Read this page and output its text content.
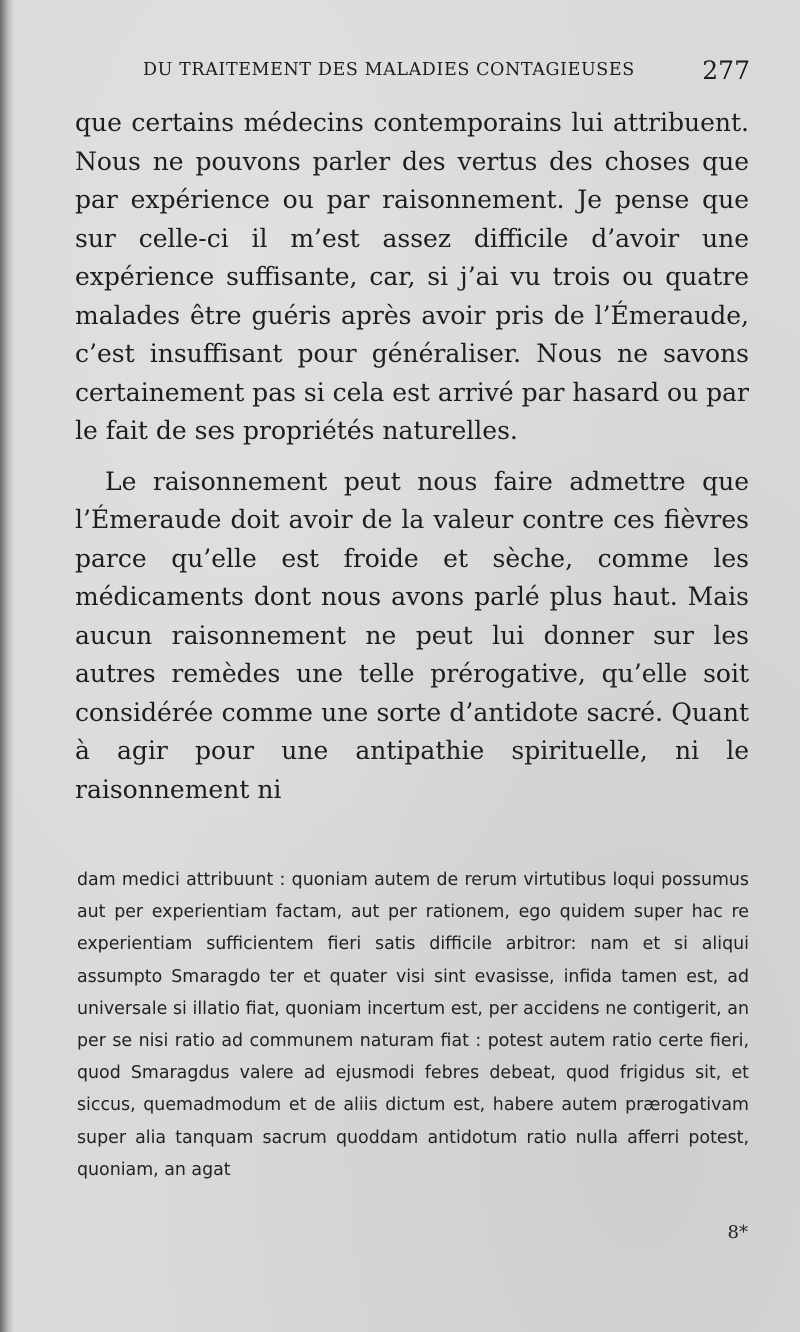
DU TRAITEMENT DES MALADIES CONTAGIEUSES	277

que certains médecins contemporains lui attribuent. Nous ne pouvons parler des vertus des choses que par expérience ou par raisonnement. Je pense que sur celle-ci il m’est assez difficile d’avoir une expérience suffisante, car, si j’ai vu trois ou quatre malades être guéris après avoir pris de l’Émeraude, c’est insuffisant pour généraliser. Nous ne savons certainement pas si cela est arrivé par hasard ou par le fait de ses propriétés naturelles.

Le raisonnement peut nous faire admettre que l’Émeraude doit avoir de la valeur contre ces fièvres parce qu’elle est froide et sèche, comme les médicaments dont nous avons parlé plus haut. Mais aucun raisonnement ne peut lui donner sur les autres remèdes une telle prérogative, qu’elle soit considérée comme une sorte d’antidote sacré. Quant à agir pour une antipathie spirituelle, ni le raisonnement ni

dam medici attribuunt : quoniam autem de rerum virtutibus loqui possumus aut per experientiam factam, aut per rationem, ego quidem super hac re experientiam sufficientem fieri satis difficile arbitror: nam et si aliqui assumpto Smaragdo ter et quater visi sint evasisse, infida tamen est, ad universale si illatio fiat, quoniam incertum est, per accidens ne contigerit, an per se nisi ratio ad communem naturam fiat : potest autem ratio certe fieri, quod Smaragdus valere ad ejusmodi febres debeat, quod frigidus sit, et siccus, quemadmodum et de aliis dictum est, habere autem prærogativam super alia tanquam sacrum quoddam antidotum ratio nulla afferri potest, quoniam, an agat

8*
